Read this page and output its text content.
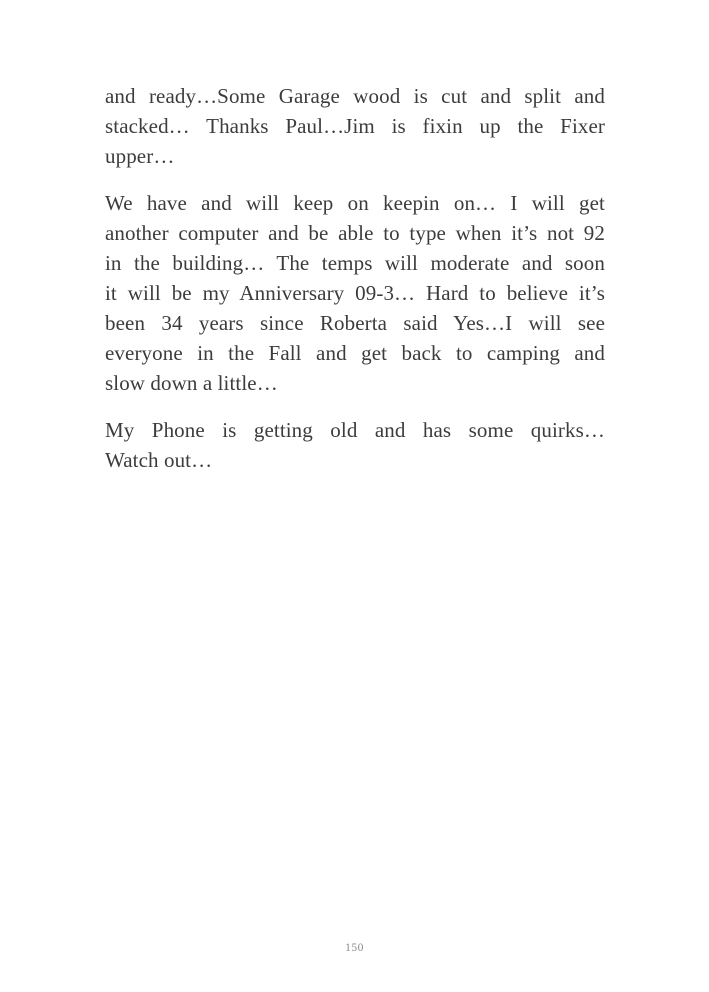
and ready…Some Garage wood is cut and split and
stacked… Thanks Paul…Jim is fixin up the Fixer
upper…

We have and will keep on keepin on… I will get
another computer and be able to type when it’s not 92
in the building… The temps will moderate and soon
it will be my Anniversary 09-3… Hard to believe it’s
been 34 years since Roberta said Yes…I will see
everyone in the Fall and get back to camping and
slow down a little…

My Phone is getting old and has some quirks…
Watch out…

150
